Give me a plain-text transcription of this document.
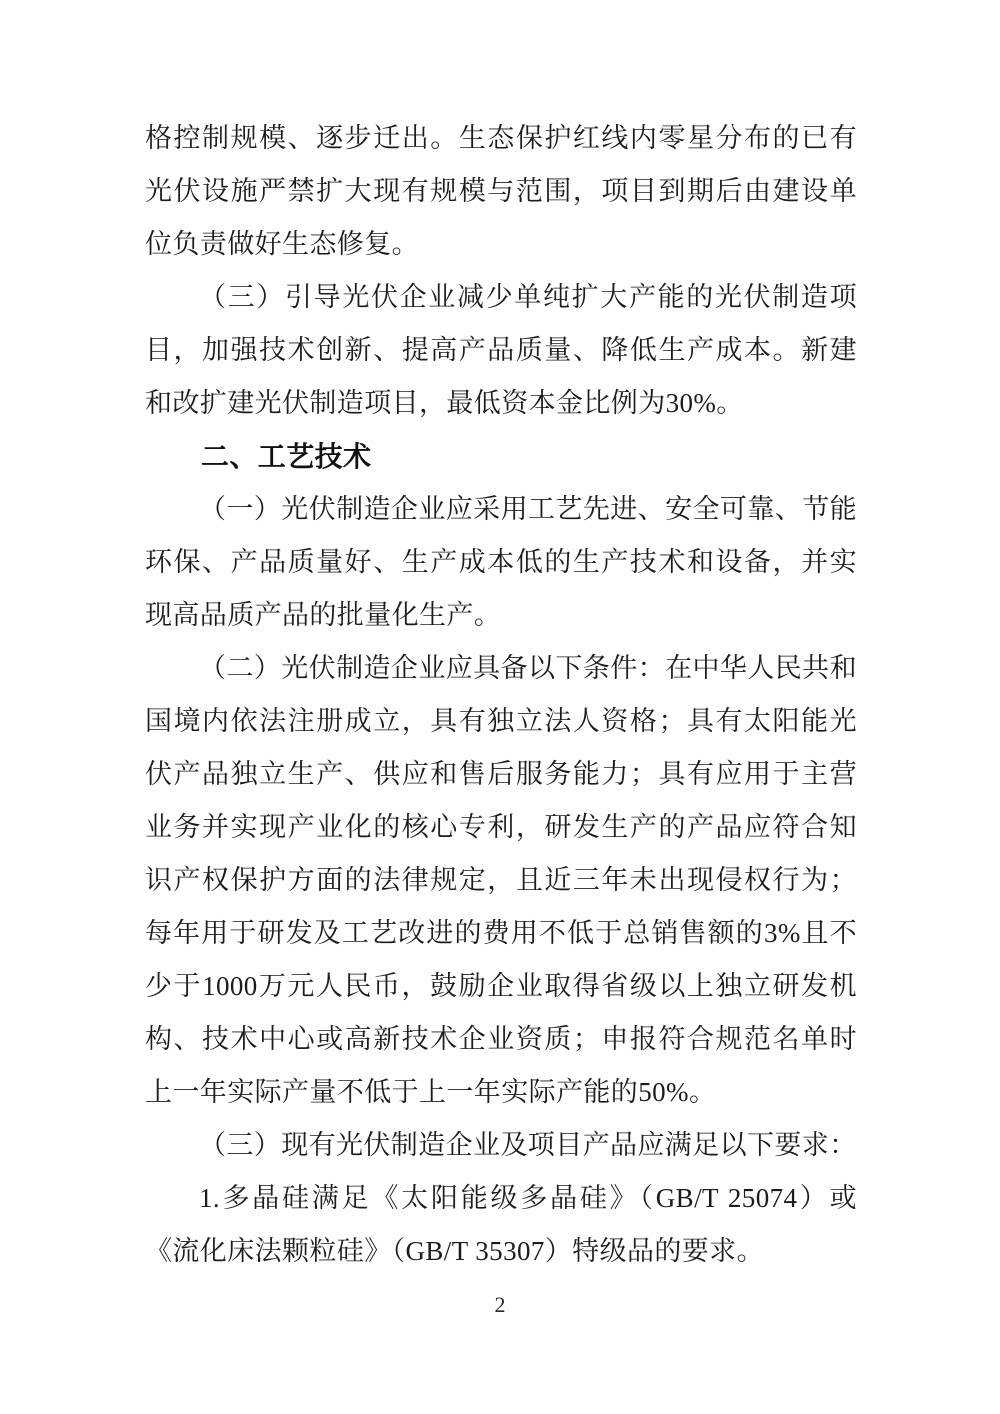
格控制规模、逐步迁出。生态保护红线内零星分布的已有光伏设施严禁扩大现有规模与范围，项目到期后由建设单位负责做好生态修复。

（三）引导光伏企业减少单纯扩大产能的光伏制造项目，加强技术创新、提高产品质量、降低生产成本。新建和改扩建光伏制造项目，最低资本金比例为30%。

二、工艺技术

（一）光伏制造企业应采用工艺先进、安全可靠、节能环保、产品质量好、生产成本低的生产技术和设备，并实现高品质产品的批量化生产。

（二）光伏制造企业应具备以下条件：在中华人民共和国境内依法注册成立，具有独立法人资格；具有太阳能光伏产品独立生产、供应和售后服务能力；具有应用于主营业务并实现产业化的核心专利，研发生产的产品应符合知识产权保护方面的法律规定，且近三年未出现侵权行为；每年用于研发及工艺改进的费用不低于总销售额的3%且不少于1000万元人民币，鼓励企业取得省级以上独立研发机构、技术中心或高新技术企业资质；申报符合规范名单时上一年实际产量不低于上一年实际产能的50%。

（三）现有光伏制造企业及项目产品应满足以下要求：

1.多晶硅满足《太阳能级多晶硅》（GB/T 25074）或《流化床法颗粒硅》（GB/T 35307）特级品的要求。

2
